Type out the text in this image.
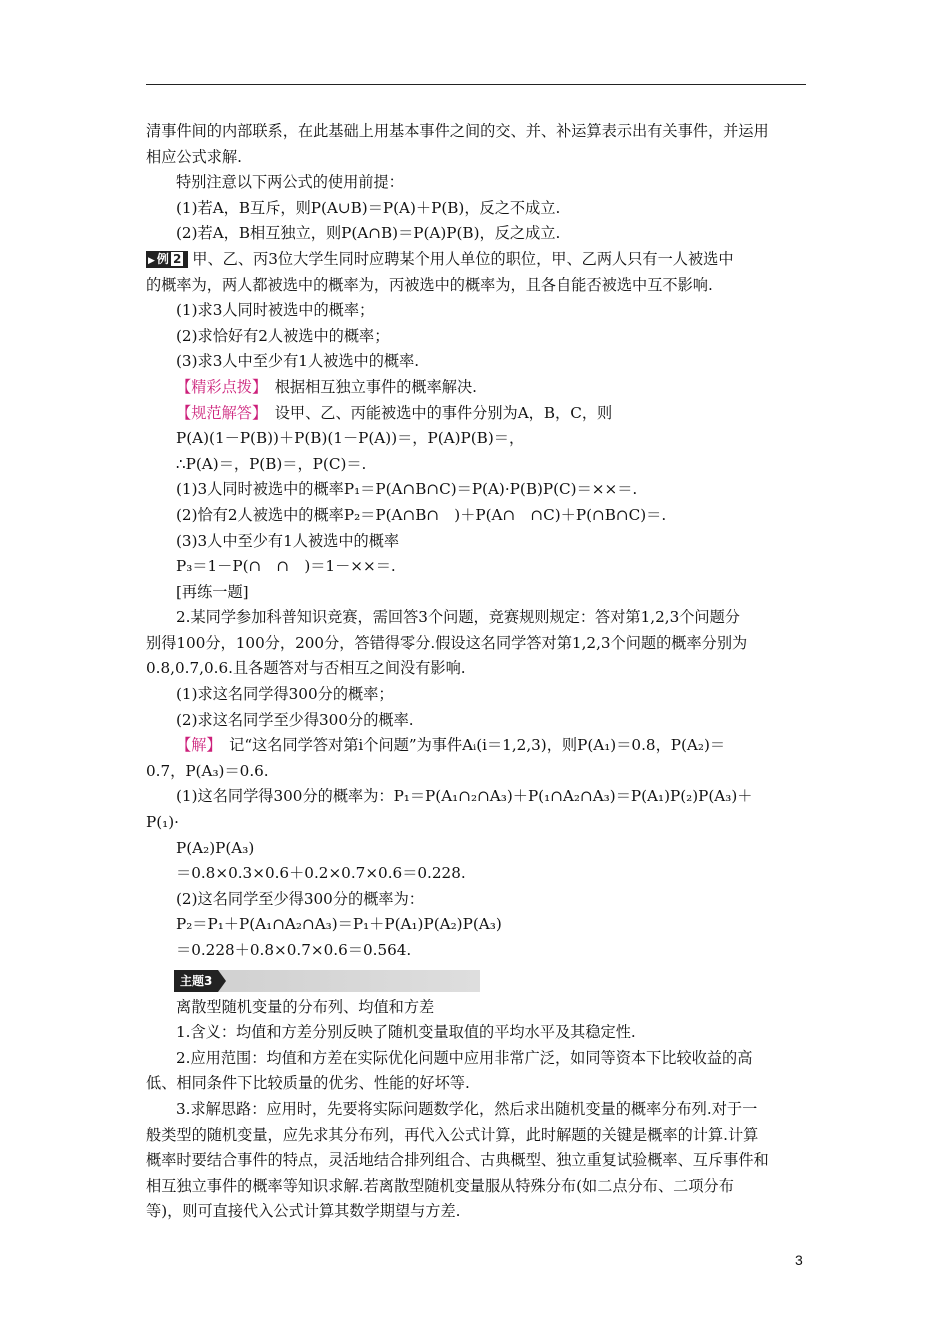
清事件间的内部联系，在此基础上用基本事件之间的交、并、补运算表示出有关事件，并运用
相应公式求解.
特别注意以下两公式的使用前提：
(1)若A，B互斥，则P(A∪B)＝P(A)＋P(B)，反之不成立.
(2)若A，B相互独立，则P(A∩B)＝P(A)P(B)，反之成立.
▶ 例 2 甲、乙、丙3位大学生同时应聘某个用人单位的职位，甲、乙两人只有一人被选中
的概率为，两人都被选中的概率为，丙被选中的概率为，且各自能否被选中互不影响.
(1)求3人同时被选中的概率；
(2)求恰好有2人被选中的概率；
(3)求3人中至少有1人被选中的概率.
【精彩点拨】　根据相互独立事件的概率解决.
【规范解答】　设甲、乙、丙能被选中的事件分别为A，B，C，则
P(A)(1－P(B))＋P(B)(1－P(A))＝，P(A)P(B)＝，
∴P(A)＝，P(B)＝，P(C)＝.
(1)3人同时被选中的概率P₁＝P(A∩B∩C)＝P(A)·P(B)P(C)＝××＝.
(2)恰有2人被选中的概率P₂＝P(A∩B∩　)＋P(A∩　∩C)＋P(∩B∩C)＝.
(3)3人中至少有1人被选中的概率
P₃＝1－P(∩　∩　)＝1－××＝.
[再练一题]
2.某同学参加科普知识竞赛，需回答3个问题，竞赛规则规定：答对第1,2,3个问题分
别得100分，100分，200分，答错得零分.假设这名同学答对第1,2,3个问题的概率分别为
0.8,0.7,0.6.且各题答对与否相互之间没有影响.
(1)求这名同学得300分的概率；
(2)求这名同学至少得300分的概率.
【解】　记“这名同学答对第i个问题”为事件Aᵢ(i＝1,2,3)，则P(A₁)＝0.8，P(A₂)＝
0.7，P(A₃)＝0.6.
(1)这名同学得300分的概率为：P₁＝P(A₁∩₂∩A₃)＋P(₁∩A₂∩A₃)＝P(A₁)P(₂)P(A₃)＋
P(₁)·
P(A₂)P(A₃)
＝0.8×0.3×0.6＋0.2×0.7×0.6＝0.228.
(2)这名同学至少得300分的概率为：
P₂＝P₁＋P(A₁∩A₂∩A₃)＝P₁＋P(A₁)P(A₂)P(A₃)
＝0.228＋0.8×0.7×0.6＝0.564.
主题3
离散型随机变量的分布列、均值和方差
1.含义：均值和方差分别反映了随机变量取值的平均水平及其稳定性.
2.应用范围：均值和方差在实际优化问题中应用非常广泛，如同等资本下比较收益的高
低、相同条件下比较质量的优劣、性能的好坏等.
3.求解思路：应用时，先要将实际问题数学化，然后求出随机变量的概率分布列.对于一
般类型的随机变量，应先求其分布列，再代入公式计算，此时解题的关键是概率的计算.计算
概率时要结合事件的特点，灵活地结合排列组合、古典概型、独立重复试验概率、互斥事件和
相互独立事件的概率等知识求解.若离散型随机变量服从特殊分布(如二点分布、二项分布
等)，则可直接代入公式计算其数学期望与方差.
3
